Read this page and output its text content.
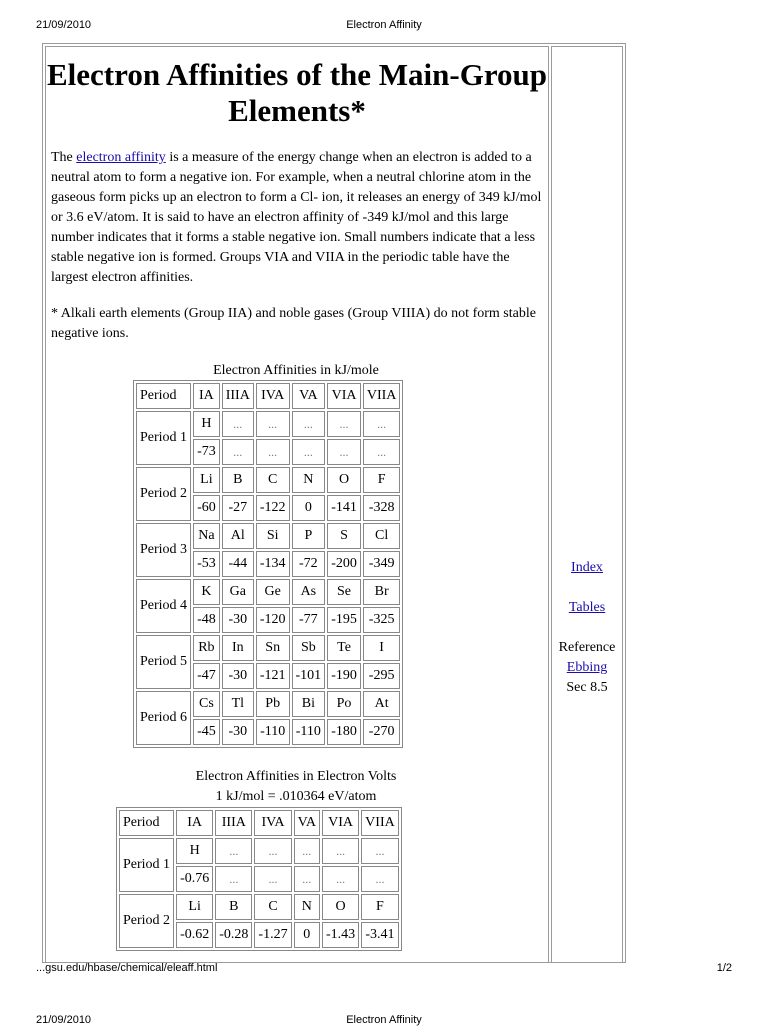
21/09/2010	Electron Affinity
Electron Affinities of the Main-Group Elements*
The electron affinity is a measure of the energy change when an electron is added to a neutral atom to form a negative ion. For example, when a neutral chlorine atom in the gaseous form picks up an electron to form a Cl- ion, it releases an energy of 349 kJ/mol or 3.6 eV/atom. It is said to have an electron affinity of -349 kJ/mol and this large number indicates that it forms a stable negative ion. Small numbers indicate that a less stable negative ion is formed. Groups VIA and VIIA in the periodic table have the largest electron affinities.
* Alkali earth elements (Group IIA) and noble gases (Group VIIIA) do not form stable negative ions.
Electron Affinities in kJ/mole
Period	IA	IIIA	IVA	VA	VIA	VIIA
Period 1	H	...	...	...	...	...
	-73	...	...	...	...	...
Period 2	Li	B	C	N	O	F
	-60	-27	-122	0	-141	-328
Period 3	Na	Al	Si	P	S	Cl
	-53	-44	-134	-72	-200	-349
Period 4	K	Ga	Ge	As	Se	Br
	-48	-30	-120	-77	-195	-325
Period 5	Rb	In	Sn	Sb	Te	I
	-47	-30	-121	-101	-190	-295
Period 6	Cs	Tl	Pb	Bi	Po	At
	-45	-30	-110	-110	-180	-270
Electron Affinities in Electron Volts
1 kJ/mol = .010364 eV/atom
Period	IA	IIIA	IVA	VA	VIA	VIIA
Period 1	H	...	...	...	...	...
	-0.76	...	...	...	...	...
Period 2	Li	B	C	N	O	F
	-0.62	-0.28	-1.27	0	-1.43	-3.41
Index
Tables
Reference
Ebbing
Sec 8.5
...gsu.edu/hbase/chemical/eleaff.html	1/2
21/09/2010	Electron Affinity
